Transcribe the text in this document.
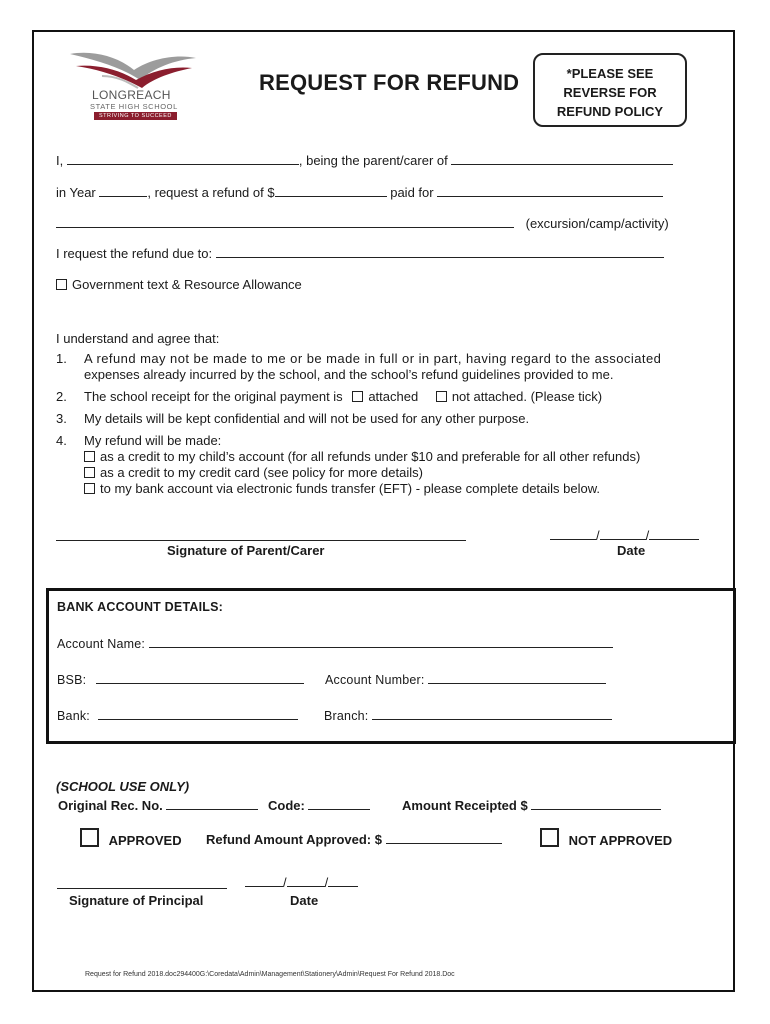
LONGREACH
STATE HIGH SCHOOL
STRIVING TO SUCCEED
REQUEST FOR REFUND	*PLEASE SEE
REVERSE FOR
REFUND POLICY
I,	, being the parent/carer of
in Year	, request a refund of $	paid for
(excursion/camp/activity)
I request the refund due to:
Government text & Resource Allowance
I understand and agree that:
1. A refund may not be made to me or be made in full or in part, having regard to the associated
expenses already incurred by the school, and the school’s refund guidelines provided to me.
2. The school receipt for the original payment is attached	not attached. (Please tick)
3. My details will be kept confidential and will not be used for any other purpose.
4. My refund will be made:
as a credit to my child’s account (for all refunds under $10 and preferable for all other refunds)
as a credit to my credit card (see policy for more details)
to my bank account via electronic funds transfer (EFT) - please complete details below.
Signature of Parent/Carer
/	/
Date
BANK ACCOUNT DETAILS:
Account Name:
BSB:	Account Number:
Bank:	Branch:
(SCHOOL USE ONLY)
Original Rec. No.	Code:	Amount Receipted $
APPROVED Refund Amount Approved: $	NOT APPROVED
Signature of Principal
/	/
Date
Request for Refund 2018.doc294400G:\Coredata\Admin\Management\Stationery\Admin\Request For Refund 2018.Doc
